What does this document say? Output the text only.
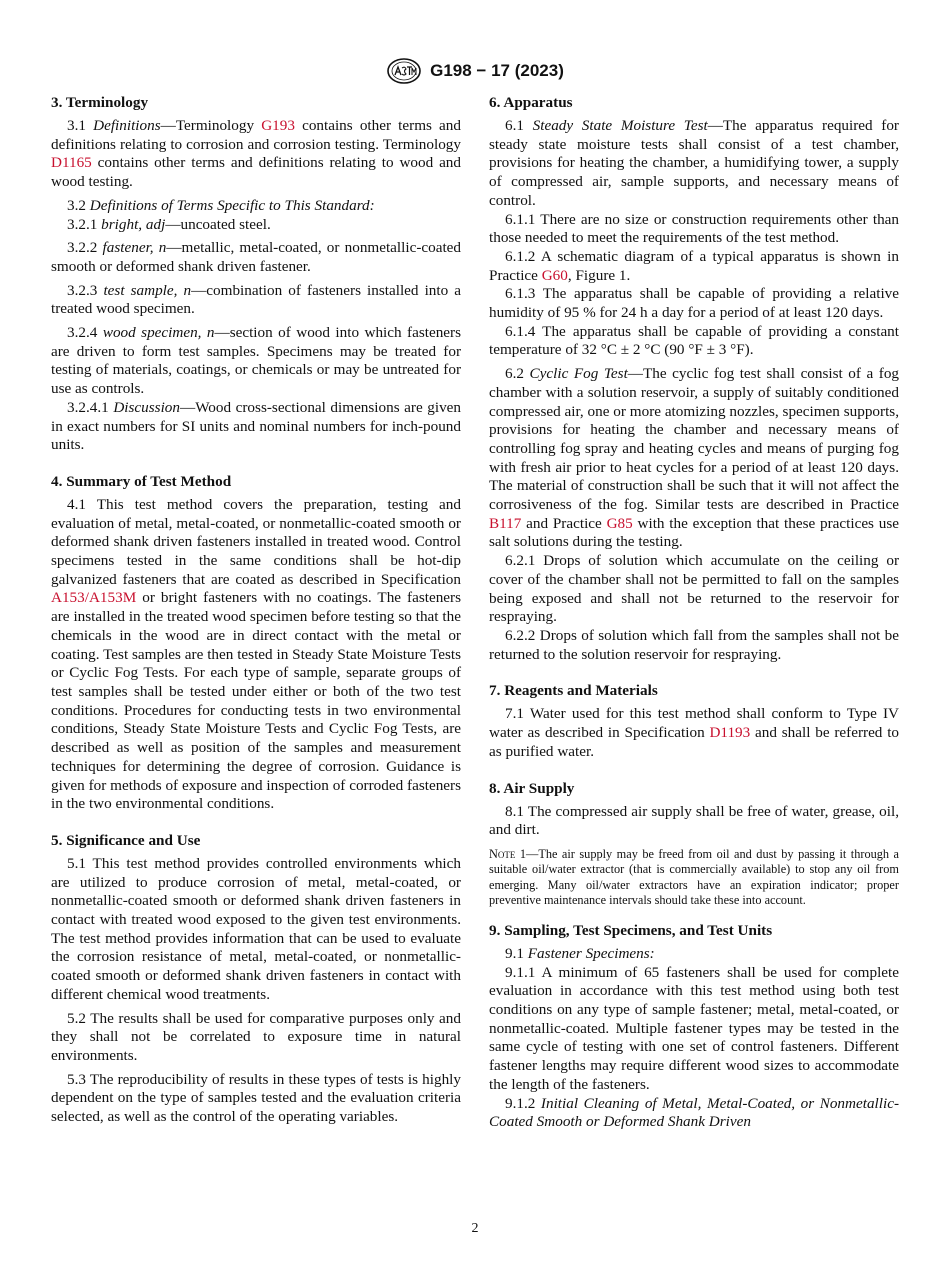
G198 − 17 (2023)
3. Terminology

3.1 Definitions—Terminology G193 contains other terms and definitions relating to corrosion and corrosion testing. Terminology D1165 contains other terms and definitions relating to wood and wood testing.

3.2 Definitions of Terms Specific to This Standard:

3.2.1 bright, adj—uncoated steel.

3.2.2 fastener, n—metallic, metal-coated, or nonmetallic-coated smooth or deformed shank driven fastener.

3.2.3 test sample, n—combination of fasteners installed into a treated wood specimen.

3.2.4 wood specimen, n—section of wood into which fasteners are driven to form test samples. Specimens may be treated for testing of materials, coatings, or chemicals or may be untreated for use as controls.

3.2.4.1 Discussion—Wood cross-sectional dimensions are given in exact numbers for SI units and nominal numbers for inch-pound units.

4. Summary of Test Method

4.1 This test method covers the preparation, testing and evaluation of metal, metal-coated, or nonmetallic-coated smooth or deformed shank driven fasteners installed in treated wood. Control specimens tested in the same conditions shall be hot-dip galvanized fasteners that are coated as described in Specification A153/A153M or bright fasteners with no coatings. The fasteners are installed in the treated wood specimen before testing so that the chemicals in the wood are in direct contact with the metal or coating. Test samples are then tested in Steady State Moisture Tests or Cyclic Fog Tests. For each type of sample, separate groups of test samples shall be tested under either or both of the two test conditions. Procedures for conducting tests in two environmental conditions, Steady State Moisture Tests and Cyclic Fog Tests, are described as well as position of the samples and measurement techniques for determining the degree of corrosion. Guidance is given for methods of exposure and inspection of corroded fasteners in the two environmental conditions.

5. Significance and Use

5.1 This test method provides controlled environments which are utilized to produce corrosion of metal, metal-coated, or nonmetallic-coated smooth or deformed shank driven fasteners in contact with treated wood exposed to the given test environments. The test method provides information that can be used to evaluate the corrosion resistance of metal, metal-coated, or nonmetallic-coated smooth or deformed shank driven fasteners in contact with different chemical wood treatments.

5.2 The results shall be used for comparative purposes only and they shall not be correlated to exposure time in natural environments.

5.3 The reproducibility of results in these types of tests is highly dependent on the type of samples tested and the evaluation criteria selected, as well as the control of the operating variables.

6. Apparatus

6.1 Steady State Moisture Test—The apparatus required for steady state moisture tests shall consist of a test chamber, provisions for heating the chamber, a humidifying tower, a supply of compressed air, sample supports, and necessary means of control.

6.1.1 There are no size or construction requirements other than those needed to meet the requirements of the test method.

6.1.2 A schematic diagram of a typical apparatus is shown in Practice G60, Figure 1.

6.1.3 The apparatus shall be capable of providing a relative humidity of 95 % for 24 h a day for a period of at least 120 days.

6.1.4 The apparatus shall be capable of providing a constant temperature of 32 °C ± 2 °C (90 °F ± 3 °F).

6.2 Cyclic Fog Test—The cyclic fog test shall consist of a fog chamber with a solution reservoir, a supply of suitably conditioned compressed air, one or more atomizing nozzles, specimen supports, provisions for heating the chamber and necessary means of controlling fog spray and heating cycles and means of purging fog with fresh air prior to heat cycles for a period of at least 120 days. The material of construction shall be such that it will not affect the corrosiveness of the fog. Similar tests are described in Practice B117 and Practice G85 with the exception that these practices use salt solutions during the testing.

6.2.1 Drops of solution which accumulate on the ceiling or cover of the chamber shall not be permitted to fall on the samples being exposed and shall not be returned to the reservoir for respraying.

6.2.2 Drops of solution which fall from the samples shall not be returned to the solution reservoir for respraying.

7. Reagents and Materials

7.1 Water used for this test method shall conform to Type IV water as described in Specification D1193 and shall be referred to as purified water.

8. Air Supply

8.1 The compressed air supply shall be free of water, grease, oil, and dirt.

Note 1—The air supply may be freed from oil and dust by passing it through a suitable oil/water extractor (that is commercially available) to stop any oil from emerging. Many oil/water extractors have an expiration indicator; proper preventive maintenance intervals should take these into account.

9. Sampling, Test Specimens, and Test Units

9.1 Fastener Specimens:

9.1.1 A minimum of 65 fasteners shall be used for complete evaluation in accordance with this test method using both test conditions on any type of sample fastener; metal, metal-coated, or nonmetallic-coated. Multiple fastener types may be tested in the same cycle of testing with one set of control fasteners. Different fastener lengths may require different wood sizes to accommodate the length of the fasteners.

9.1.2 Initial Cleaning of Metal, Metal-Coated, or Nonmetallic-Coated Smooth or Deformed Shank Driven

2
